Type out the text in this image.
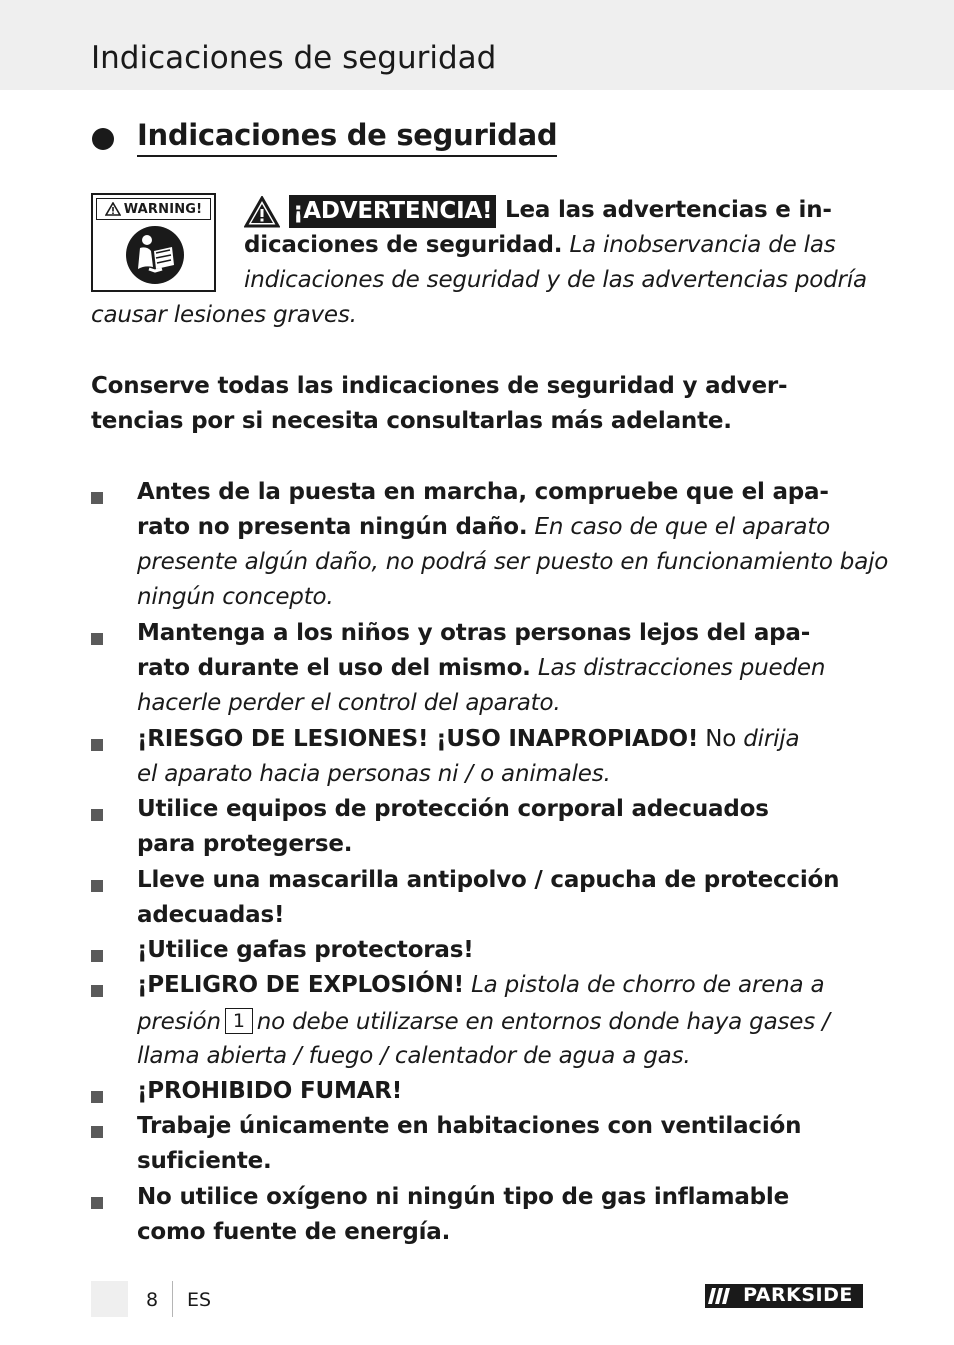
Indicaciones de seguridad
Indicaciones de seguridad
WARNING!	¡ADVERTENCIA! Lea las advertencias e in-
dicaciones de seguridad. La inobservancia de las
indicaciones de seguridad y de las advertencias podría
causar lesiones graves.
Conserve todas las indicaciones de seguridad y adver-
tencias por si necesita consultarlas más adelante.
Antes de la puesta en marcha, compruebe que el apa-
rato no presenta ningún daño. En caso de que el aparato
presente algún daño, no podrá ser puesto en funcionamiento bajo
ningún concepto.
Mantenga a los niños y otras personas lejos del apa-
rato durante el uso del mismo. Las distracciones pueden
hacerle perder el control del aparato.
¡RIESGO DE LESIONES! ¡USO INAPROPIADO! No dirija
el aparato hacia personas ni / o animales.
Utilice equipos de protección corporal adecuados
para protegerse.
Lleve una mascarilla antipolvo / capucha de protección
adecuadas!
¡Utilice gafas protectoras!
¡PELIGRO DE EXPLOSIÓN! La pistola de chorro de arena a
presión 1 no debe utilizarse en entornos donde haya gases /
llama abierta / fuego / calentador de agua a gas.
¡PROHIBIDO FUMAR!
Trabaje únicamente en habitaciones con ventilación
suficiente.
No utilice oxígeno ni ningún tipo de gas inflamable
como fuente de energía.
8 ES	PARKSIDE
